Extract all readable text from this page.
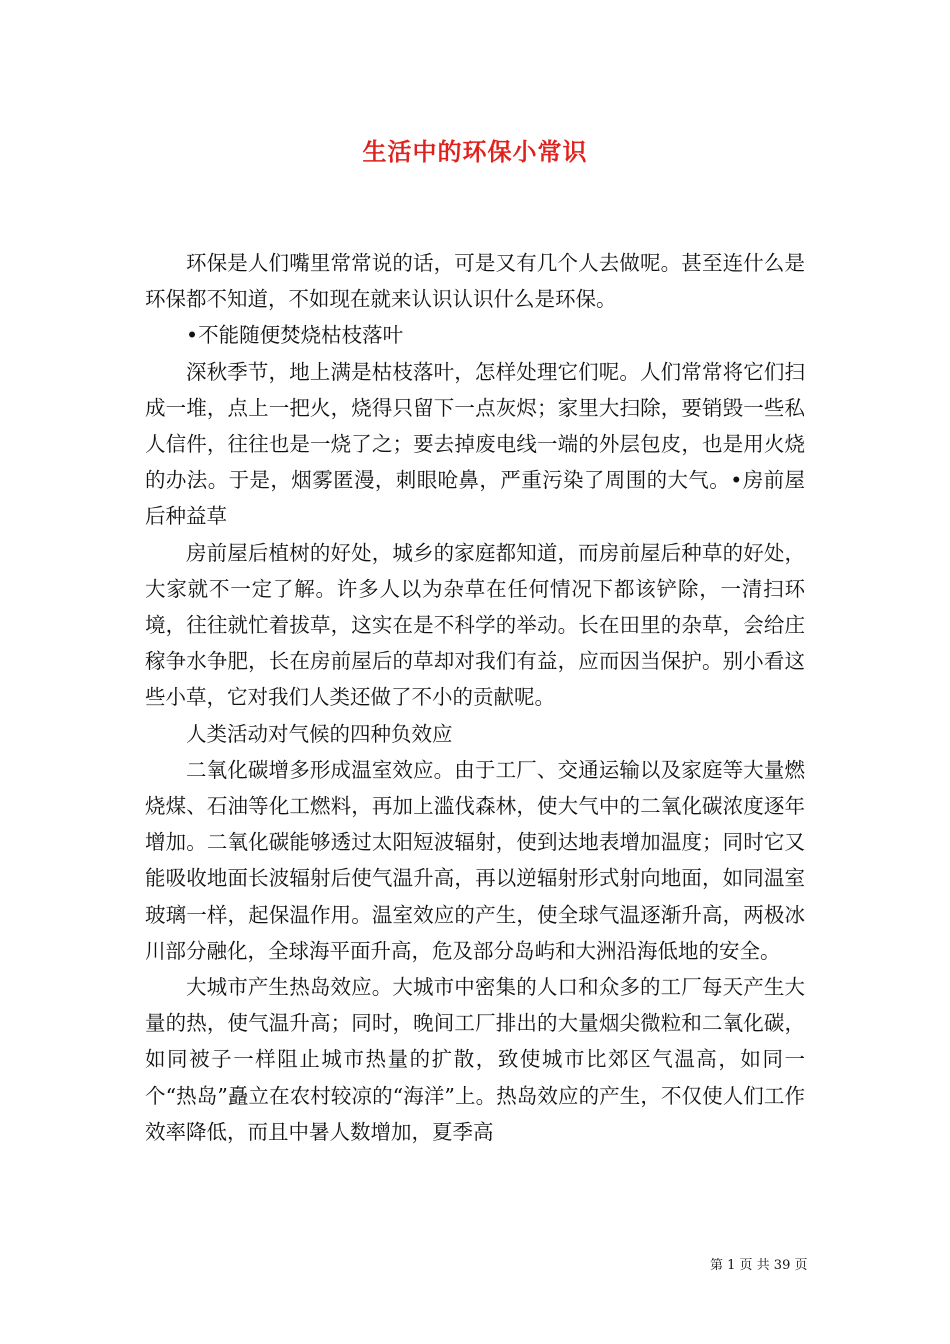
生活中的环保小常识

环保是人们嘴里常常说的话，可是又有几个人去做呢。甚至连什么是环保都不知道，不如现在就来认识认识什么是环保。

•不能随便焚烧枯枝落叶

深秋季节，地上满是枯枝落叶，怎样处理它们呢。人们常常将它们扫成一堆，点上一把火，烧得只留下一点灰烬；家里大扫除，要销毁一些私人信件，往往也是一烧了之；要去掉废电线一端的外层包皮，也是用火烧的办法。于是，烟雾匿漫，刺眼呛鼻，严重污染了周围的大气。•房前屋后种益草

房前屋后植树的好处，城乡的家庭都知道，而房前屋后种草的好处，大家就不一定了解。许多人以为杂草在任何情况下都该铲除，一清扫环境，往往就忙着拔草，这实在是不科学的举动。长在田里的杂草，会给庄稼争水争肥，长在房前屋后的草却对我们有益，应而因当保护。别小看这些小草，它对我们人类还做了不小的贡献呢。

人类活动对气候的四种负效应

二氧化碳增多形成温室效应。由于工厂、交通运输以及家庭等大量燃烧煤、石油等化工燃料，再加上滥伐森林，使大气中的二氧化碳浓度逐年增加。二氧化碳能够透过太阳短波辐射，使到达地表增加温度；同时它又能吸收地面长波辐射后使气温升高，再以逆辐射形式射向地面，如同温室玻璃一样，起保温作用。温室效应的产生，使全球气温逐渐升高，两极冰川部分融化，全球海平面升高，危及部分岛屿和大洲沿海低地的安全。

大城市产生热岛效应。大城市中密集的人口和众多的工厂每天产生大量的热，使气温升高；同时，晚间工厂排出的大量烟尖微粒和二氧化碳，如同被子一样阻止城市热量的扩散，致使城市比郊区气温高，如同一个“热岛”矗立在农村较凉的“海洋”上。热岛效应的产生，不仅使人们工作效率降低，而且中暑人数增加，夏季高

第 1 页 共 39 页
